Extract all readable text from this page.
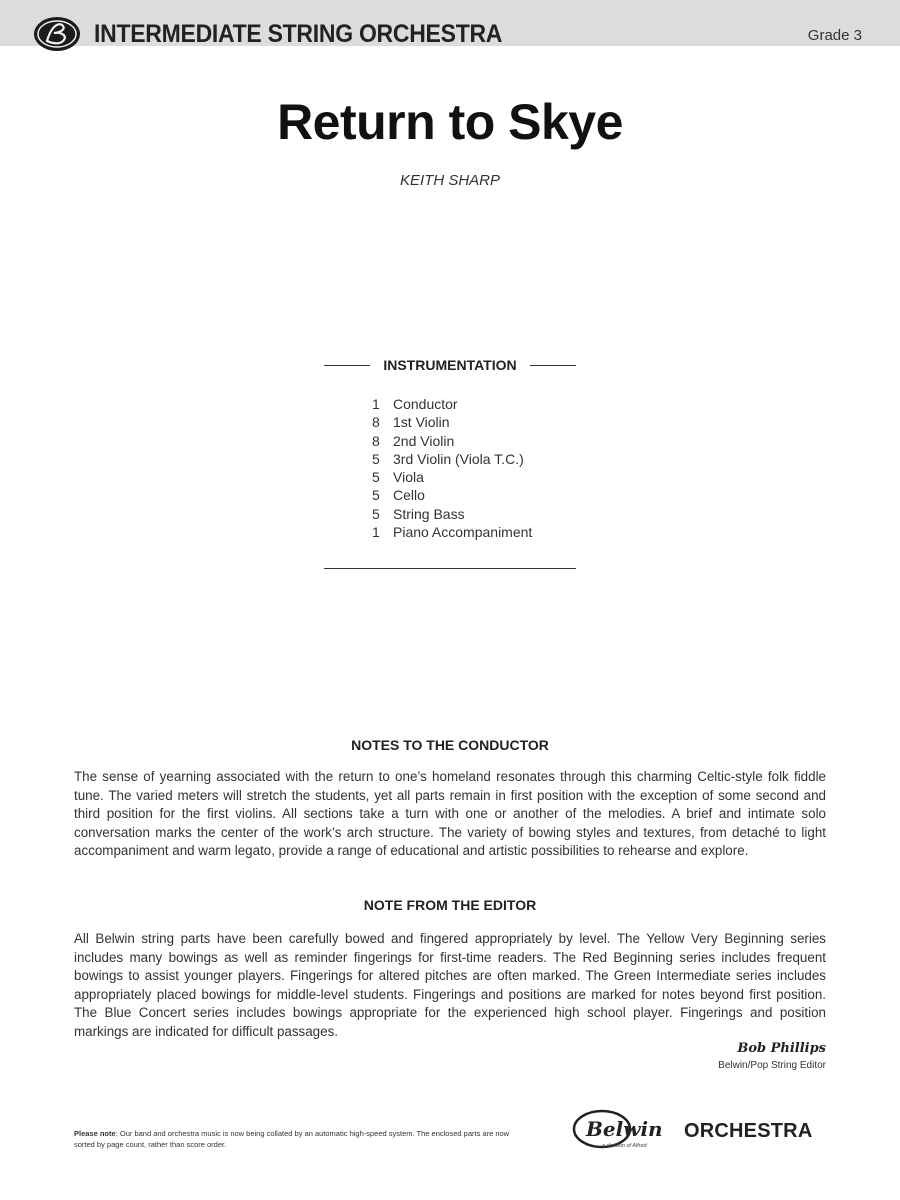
INTERMEDIATE STRING ORCHESTRA	Grade 3
Return to Skye
KEITH SHARP
INSTRUMENTATION
1 Conductor
8 1st Violin
8 2nd Violin
5 3rd Violin (Viola T.C.)
5 Viola
5 Cello
5 String Bass
1 Piano Accompaniment
NOTES TO THE CONDUCTOR
The sense of yearning associated with the return to one’s homeland resonates through this charming Celtic-style folk fiddle tune. The varied meters will stretch the students, yet all parts remain in first position with the exception of some second and third position for the first violins. All sections take a turn with one or another of the melodies. A brief and intimate solo conversation marks the center of the work’s arch structure. The variety of bowing styles and textures, from detaché to light accompaniment and warm legato, provide a range of educational and artistic possibilities to rehearse and explore.
NOTE FROM THE EDITOR
All Belwin string parts have been carefully bowed and fingered appropriately by level. The Yellow Very Beginning series includes many bowings as well as reminder fingerings for first-time readers. The Red Beginning series includes frequent bowings to assist younger players. Fingerings for altered pitches are often marked. The Green Intermediate series includes appropriately placed bowings for middle-level students. Fingerings and positions are marked for notes beyond first position. The Blue Concert series includes bowings appropriate for the experienced high school player. Fingerings and position markings are indicated for difficult passages.
Bob Phillips
Belwin/Pop String Editor
Please note: Our band and orchestra music is now being collated by an automatic high-speed system. The enclosed parts are now sorted by page count, rather than score order.
Belwin ORCHESTRA
a division of Alfred
